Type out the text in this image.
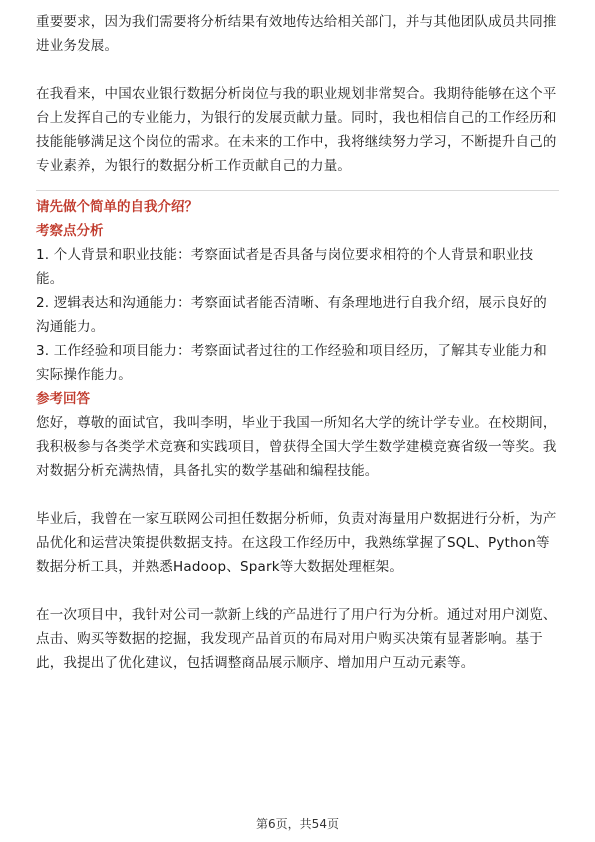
重要要求，因为我们需要将分析结果有效地传达给相关部门，并与其他团队成员共同推进业务发展。

在我看来，中国农业银行数据分析岗位与我的职业规划非常契合。我期待能够在这个平台上发挥自己的专业能力，为银行的发展贡献力量。同时，我也相信自己的工作经历和技能能够满足这个岗位的需求。在未来的工作中，我将继续努力学习，不断提升自己的专业素养，为银行的数据分析工作贡献自己的力量。

请先做个简单的自我介绍？
考察点分析

1. 个人背景和职业技能：考察面试者是否具备与岗位要求相符的个人背景和职业技能。

2. 逻辑表达和沟通能力：考察面试者能否清晰、有条理地进行自我介绍，展示良好的沟通能力。

3. 工作经验和项目能力：考察面试者过往的工作经验和项目经历，了解其专业能力和实际操作能力。

参考回答

您好，尊敬的面试官，我叫李明，毕业于我国一所知名大学的统计学专业。在校期间，我积极参与各类学术竞赛和实践项目，曾获得全国大学生数学建模竞赛省级一等奖。我对数据分析充满热情，具备扎实的数学基础和编程技能。

毕业后，我曾在一家互联网公司担任数据分析师，负责对海量用户数据进行分析，为产品优化和运营决策提供数据支持。在这段工作经历中，我熟练掌握了SQL、Python等数据分析工具，并熟悉Hadoop、Spark等大数据处理框架。

在一次项目中，我针对公司一款新上线的产品进行了用户行为分析。通过对用户浏览、点击、购买等数据的挖掘，我发现产品首页的布局对用户购买决策有显著影响。基于此，我提出了优化建议，包括调整商品展示顺序、增加用户互动元素等。

第6页，共54页
